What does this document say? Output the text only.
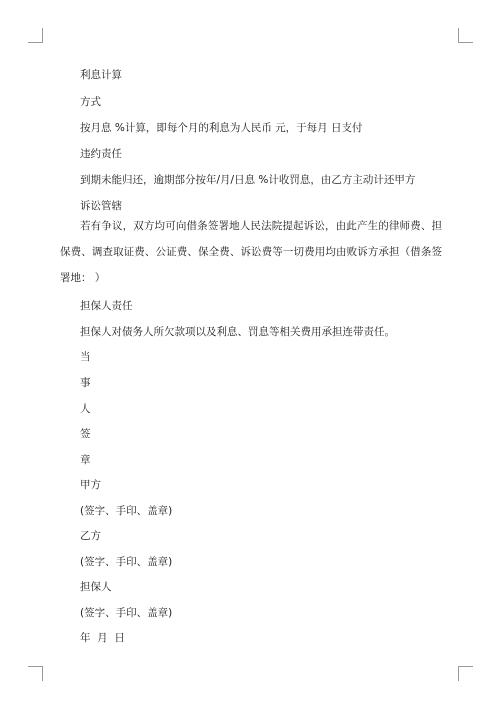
利息计算
方式
按月息 %计算，即每个月的利息为人民币 元，于每月 日支付
违约责任
到期未能归还，逾期部分按年/月/日息 %计收罚息，由乙方主动计还甲方
诉讼管辖
若有争议，双方均可向借条签署地人民法院提起诉讼，由此产生的律师费、担保费、调查取证费、公证费、保全费、诉讼费等一切费用均由败诉方承担（借条签署地： ）
担保人责任
担保人对债务人所欠款项以及利息、罚息等相关费用承担连带责任。
当
事
人
签
章
甲方
(签字、手印、盖章)
乙方
(签字、手印、盖章)
担保人
(签字、手印、盖章)
年  月  日
